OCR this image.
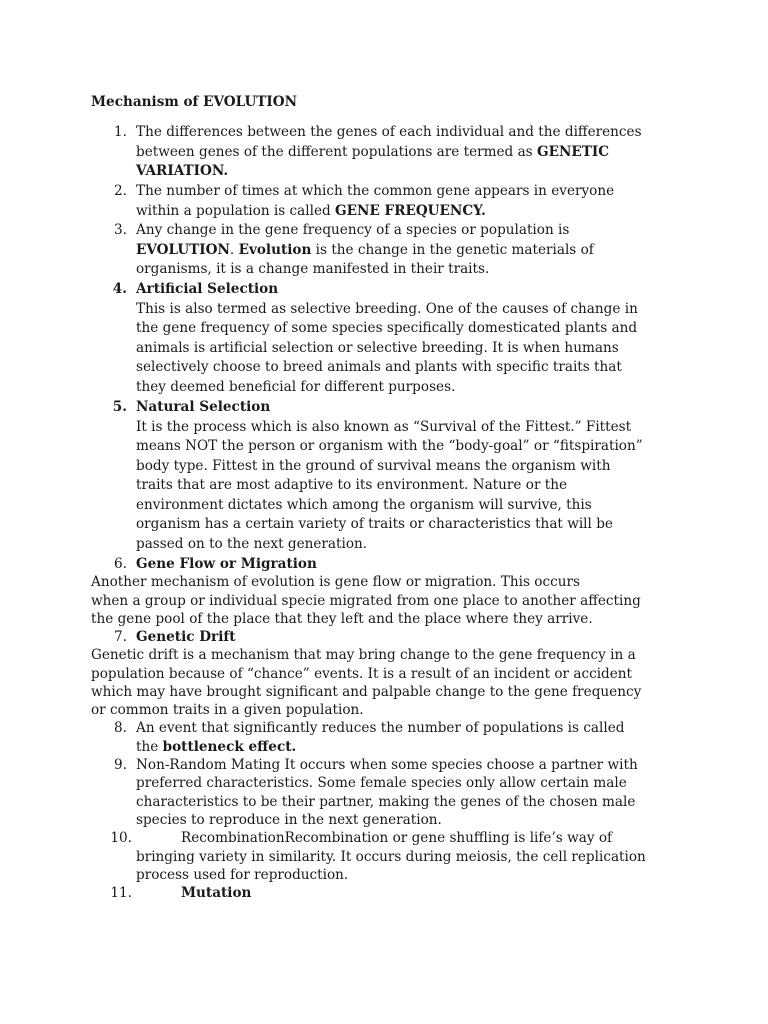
Mechanism of EVOLUTION
1. The differences between the genes of each individual and the differences
between genes of the different populations are termed as GENETIC
VARIATION.
2. The number of times at which the common gene appears in everyone
within a population is called GENE FREQUENCY.
3. Any change in the gene frequency of a species or population is
EVOLUTION. Evolution is the change in the genetic materials of
organisms, it is a change manifested in their traits.
4. Artificial Selection
This is also termed as selective breeding. One of the causes of change in
the gene frequency of some species specifically domesticated plants and
animals is artificial selection or selective breeding. It is when humans
selectively choose to breed animals and plants with specific traits that
they deemed beneficial for different purposes.
5. Natural Selection
It is the process which is also known as “Survival of the Fittest.” Fittest
means NOT the person or organism with the “body-goal” or “fitspiration”
body type. Fittest in the ground of survival means the organism with
traits that are most adaptive to its environment. Nature or the
environment dictates which among the organism will survive, this
organism has a certain variety of traits or characteristics that will be
passed on to the next generation.
6. Gene Flow or Migration
Another mechanism of evolution is gene flow or migration. This occurs
when a group or individual specie migrated from one place to another affecting
the gene pool of the place that they left and the place where they arrive.
7. Genetic Drift
Genetic drift is a mechanism that may bring change to the gene frequency in a
population because of “chance” events. It is a result of an incident or accident
which may have brought significant and palpable change to the gene frequency
or common traits in a given population.
8. An event that significantly reduces the number of populations is called
the bottleneck effect.
9. Non-Random Mating It occurs when some species choose a partner with
preferred characteristics. Some female species only allow certain male
characteristics to be their partner, making the genes of the chosen male
species to reproduce in the next generation.
10.	RecombinationRecombination or gene shuffling is life’s way of
bringing variety in similarity. It occurs during meiosis, the cell replication
process used for reproduction.
11.	Mutation
